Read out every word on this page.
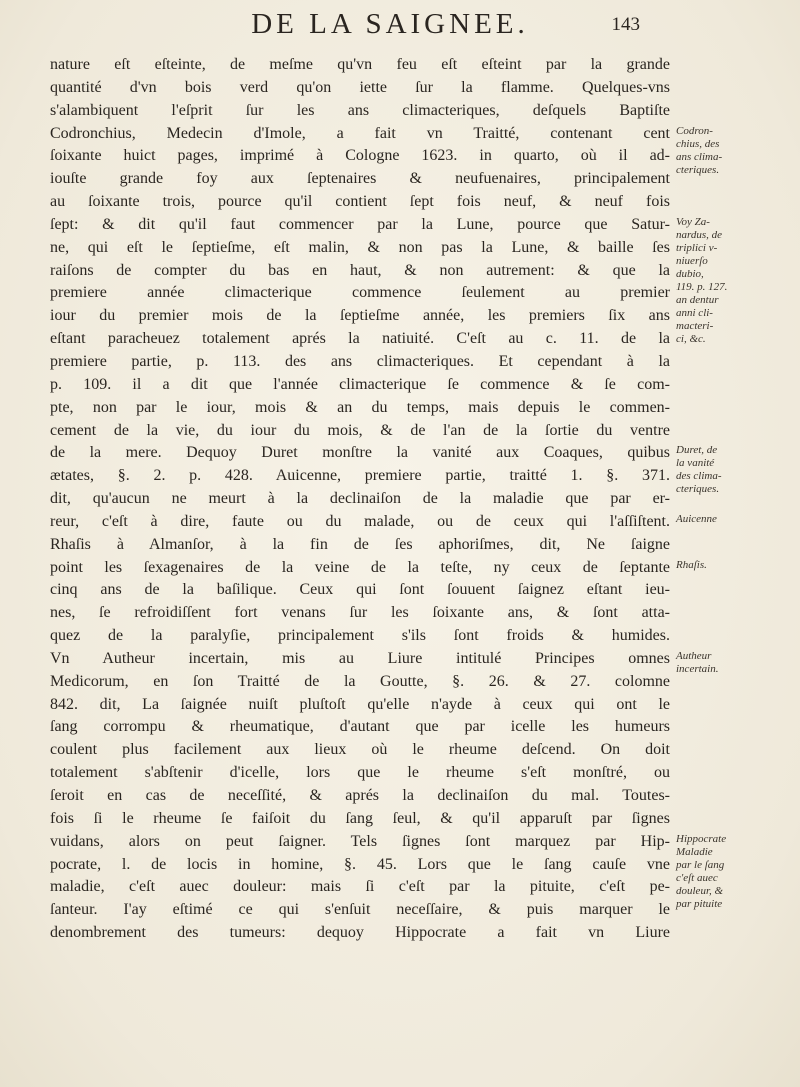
DE LA SAIGNEE.	143
nature eſt eſteinte, de meſme qu'vn feu eſt eſteint par la grande
quantité d'vn bois verd qu'on iette ſur la flamme. Quelques-vns
s'alambiquent l'eſprit ſur les ans climacteriques, deſquels Baptiſte
Codronchius, Medecin d'Imole, a fait vn Traitté, contenant cent
ſoixante huict pages, imprimé à Cologne 1623. in quarto, où il ad-
iouſte grande foy aux ſeptenaires & neufuenaires, principalement
au ſoixante trois, pource qu'il contient ſept fois neuf, & neuf fois
ſept: & dit qu'il faut commencer par la Lune, pource que Satur-
ne, qui eſt le ſeptieſme, eſt malin, & non pas la Lune, & baille ſes
raiſons de compter du bas en haut, & non autrement: & que la
premiere année climacterique commence ſeulement au premier
iour du premier mois de la ſeptieſme année, les premiers ſix ans
eſtant paracheuez totalement aprés la natiuité. C'eſt au c. 11. de la
premiere partie, p. 113. des ans climacteriques. Et cependant à la
p. 109. il a dit que l'année climacterique ſe commence & ſe com-
pte, non par le iour, mois & an du temps, mais depuis le commen-
cement de la vie, du iour du mois, & de l'an de la ſortie du ventre
de la mere. Dequoy Duret monſtre la vanité aux Coaques, quibus
ætates, §. 2. p. 428. Auicenne, premiere partie, traitté 1. §. 371.
dit, qu'aucun ne meurt à la declinaiſon de la maladie que par er-
reur, c'eſt à dire, faute ou du malade, ou de ceux qui l'aſſiſtent.
Rhaſis à Almanſor, à la fin de ſes aphoriſmes, dit, Ne ſaigne
point les ſexagenaires de la veine de la teſte, ny ceux de ſeptante
cinq ans de la baſilique. Ceux qui ſont ſouuent ſaignez eſtant ieu-
nes, ſe refroidiſſent fort venans ſur les ſoixante ans, & ſont atta-
quez de la paralyſie, principalement s'ils ſont froids & humides.
Vn Autheur incertain, mis au Liure intitulé Principes omnes
Medicorum, en ſon Traitté de la Goutte, §. 26. & 27. colomne
842. dit, La ſaignée nuiſt pluſtoſt qu'elle n'ayde à ceux qui ont le
ſang corrompu & rheumatique, d'autant que par icelle les humeurs
coulent plus facilement aux lieux où le rheume deſcend. On doit
totalement s'abſtenir d'icelle, lors que le rheume s'eſt monſtré, ou
ſeroit en cas de neceſſité, & aprés la declinaiſon du mal. Toutes-
fois ſi le rheume ſe faiſoit du ſang ſeul, & qu'il apparuſt par ſignes
vuidans, alors on peut ſaigner. Tels ſignes ſont marquez par Hip-
pocrate, l. de locis in homine, §. 45. Lors que le ſang cauſe vne
maladie, c'eſt auec douleur: mais ſi c'eſt par la pituite, c'eſt pe-
ſanteur. I'ay eſtimé ce qui s'enſuit neceſſaire, & puis marquer le
denombrement des tumeurs: dequoy Hippocrate a fait vn Liure
Codron-
chius, des
ans clima-
cteriques.
Voy Za-
nardus, de
triplici v-
niuerſo
dubio,
119. p. 127.
an dentur
anni cli-
macteri-
ci, &c.
Duret, de
la vanité
des clima-
cteriques.
Auicenne
Rhaſis.
Autheur
incertain.
Hippocrate
Maladie
par le ſang
c'eſt auec
douleur, &
par pituite
